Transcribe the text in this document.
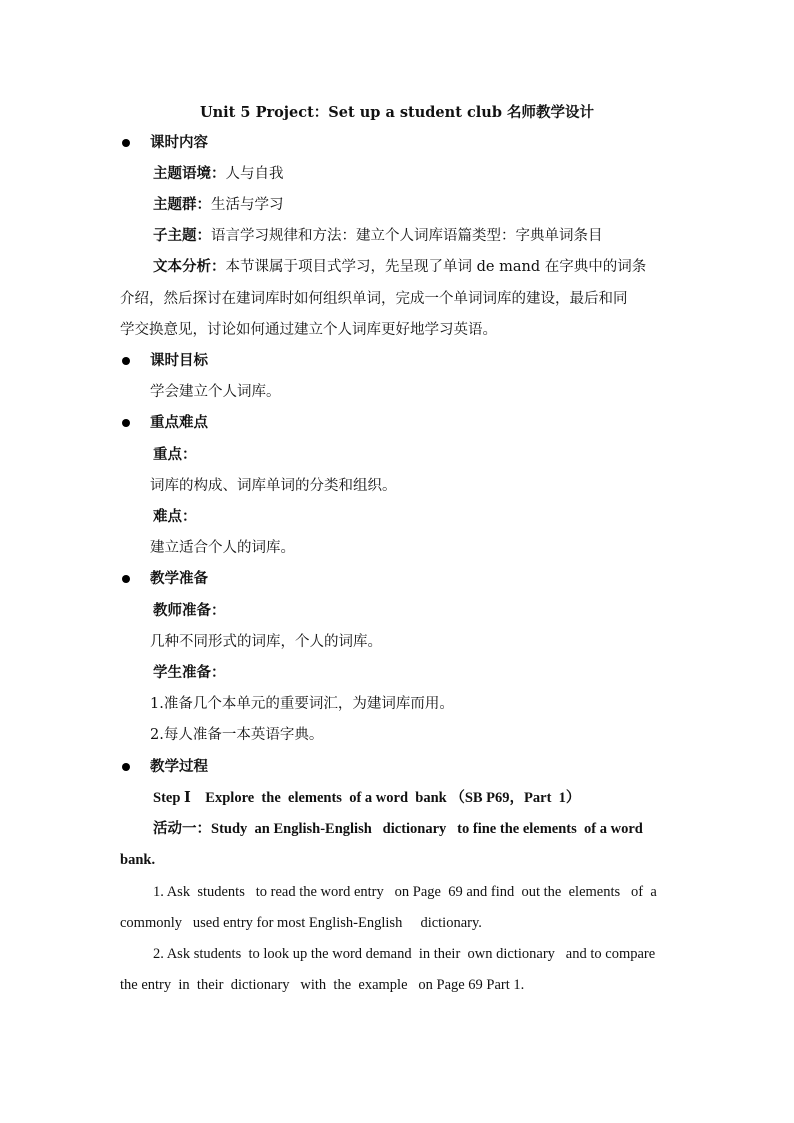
Unit 5 Project：Set up a student club 名师教学设计
课时内容
主题语境：人与自我
主题群：生活与学习
子主题：语言学习规律和方法：建立个人词库语篇类型：字典单词条目
文本分析：本节课属于项目式学习，先呈现了单词 de mand 在字典中的词条
介绍，然后探讨在建词库时如何组织单词，完成一个单词词库的建设，最后和同
学交换意见，讨论如何通过建立个人词库更好地学习英语。
课时目标
学会建立个人词库。
重点难点
重点：
词库的构成、词库单词的分类和组织。
难点：
建立适合个人的词库。
教学准备
教师准备：
几种不同形式的词库，个人的词库。
学生准备：
1.准备几个本单元的重要词汇，为建词库而用。
2.每人准备一本英语字典。
教学过程
Step Ⅰ    Explore  the  elements  of a word  bank （SB P69，Part  1）
活动一：Study  an English-English   dictionary   to fine the elements  of a word
bank.
1. Ask  students   to read the word entry   on Page  69 and find  out the  elements   of  a
commonly   used entry for most English-English     dictionary.
2. Ask students  to look up the word demand  in their  own dictionary   and to compare
the entry  in  their  dictionary   with  the  example   on Page 69 Part 1.
